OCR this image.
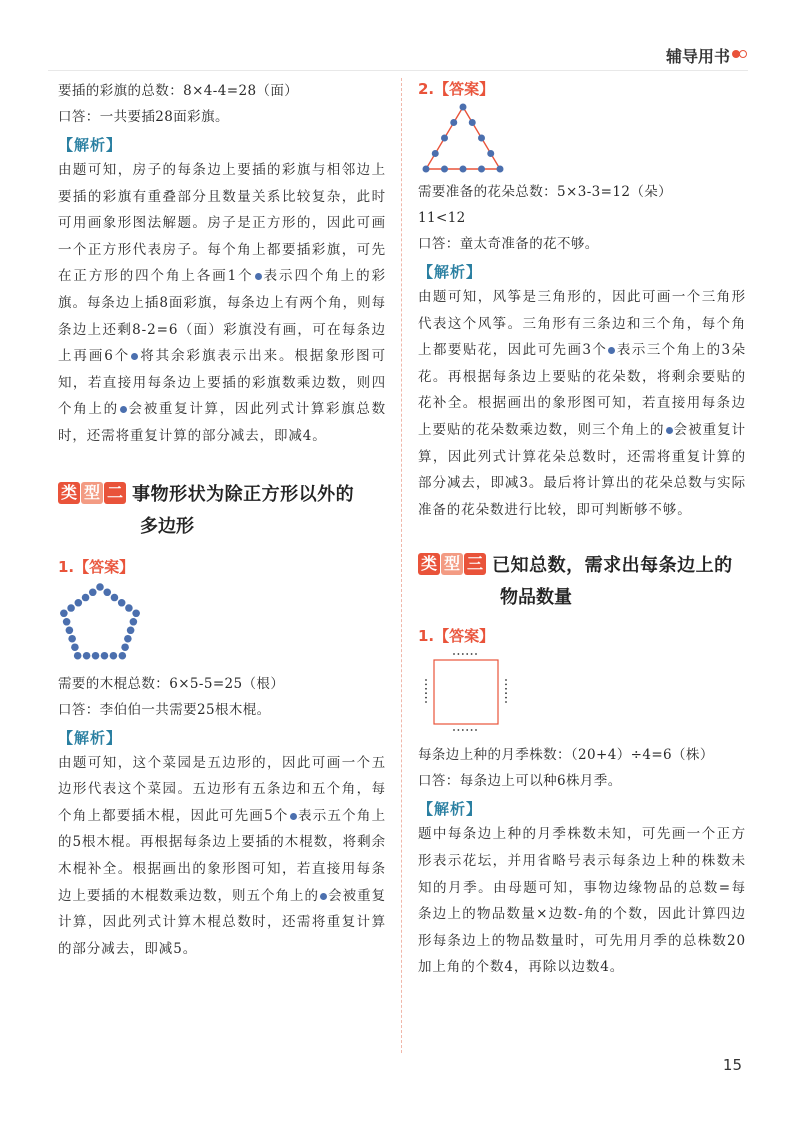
辅导用书

要插的彩旗的总数：8×4-4=28（面）

口答：一共要插28面彩旗。

【解析】

由题可知，房子的每条边上要插的彩旗与相邻边上要插的彩旗有重叠部分且数量关系比较复杂，此时可用画象形图法解题。房子是正方形的，因此可画一个正方形代表房子。每个角上都要插彩旗，可先在正方形的四个角上各画1个 表示四个角上的彩旗。每条边上插8面彩旗，每条边上有两个角，则每条边上还剩8-2=6（面）彩旗没有画，可在每条边上再画6个 将其余彩旗表示出来。根据象形图可知，若直接用每条边上要插的彩旗数乘边数，则四个角上的 会被重复计算，因此列式计算彩旗总数时，还需将重复计算的部分减去，即减4。

类 型 二 事物形状为除正方形以外的
多边形
1.【答案】

需要的木棍总数：6×5-5=25（根）

口答：李伯伯一共需要25根木棍。

【解析】

由题可知，这个菜园是五边形的，因此可画一个五边形代表这个菜园。五边形有五条边和五个角，每个角上都要插木棍，因此可先画5个 表示五个角上的5根木棍。再根据每条边上要插的木棍数，将剩余木棍补全。根据画出的象形图可知，若直接用每条边上要插的木棍数乘边数，则五个角上的 会被重复计算，因此列式计算木棍总数时，还需将重复计算的部分减去，即减5。

2.【答案】

需要准备的花朵总数：5×3-3=12（朵）

11<12

口答：童太奇准备的花不够。

【解析】

由题可知，风筝是三角形的，因此可画一个三角形代表这个风筝。三角形有三条边和三个角，每个角上都要贴花，因此可先画3个 表示三个角上的3朵花。再根据每条边上要贴的花朵数，将剩余要贴的花补全。根据画出的象形图可知，若直接用每条边上要贴的花朵数乘边数，则三个角上的 会被重复计算，因此列式计算花朵总数时，还需将重复计算的部分减去，即减3。最后将计算出的花朵总数与实际准备的花朵数进行比较，即可判断够不够。

类 型 三 已知总数，需求出每条边上的
物品数量
1.【答案】

每条边上种的月季株数：（20+4）÷4=6（株）

口答：每条边上可以种6株月季。

【解析】

题中每条边上种的月季株数未知，可先画一个正方形表示花坛，并用省略号表示每条边上种的株数未知的月季。由母题可知，事物边缘物品的总数=每条边上的物品数量×边数-角的个数，因此计算四边形每条边上的物品数量时，可先用月季的总株数20加上角的个数4，再除以边数4。

15
